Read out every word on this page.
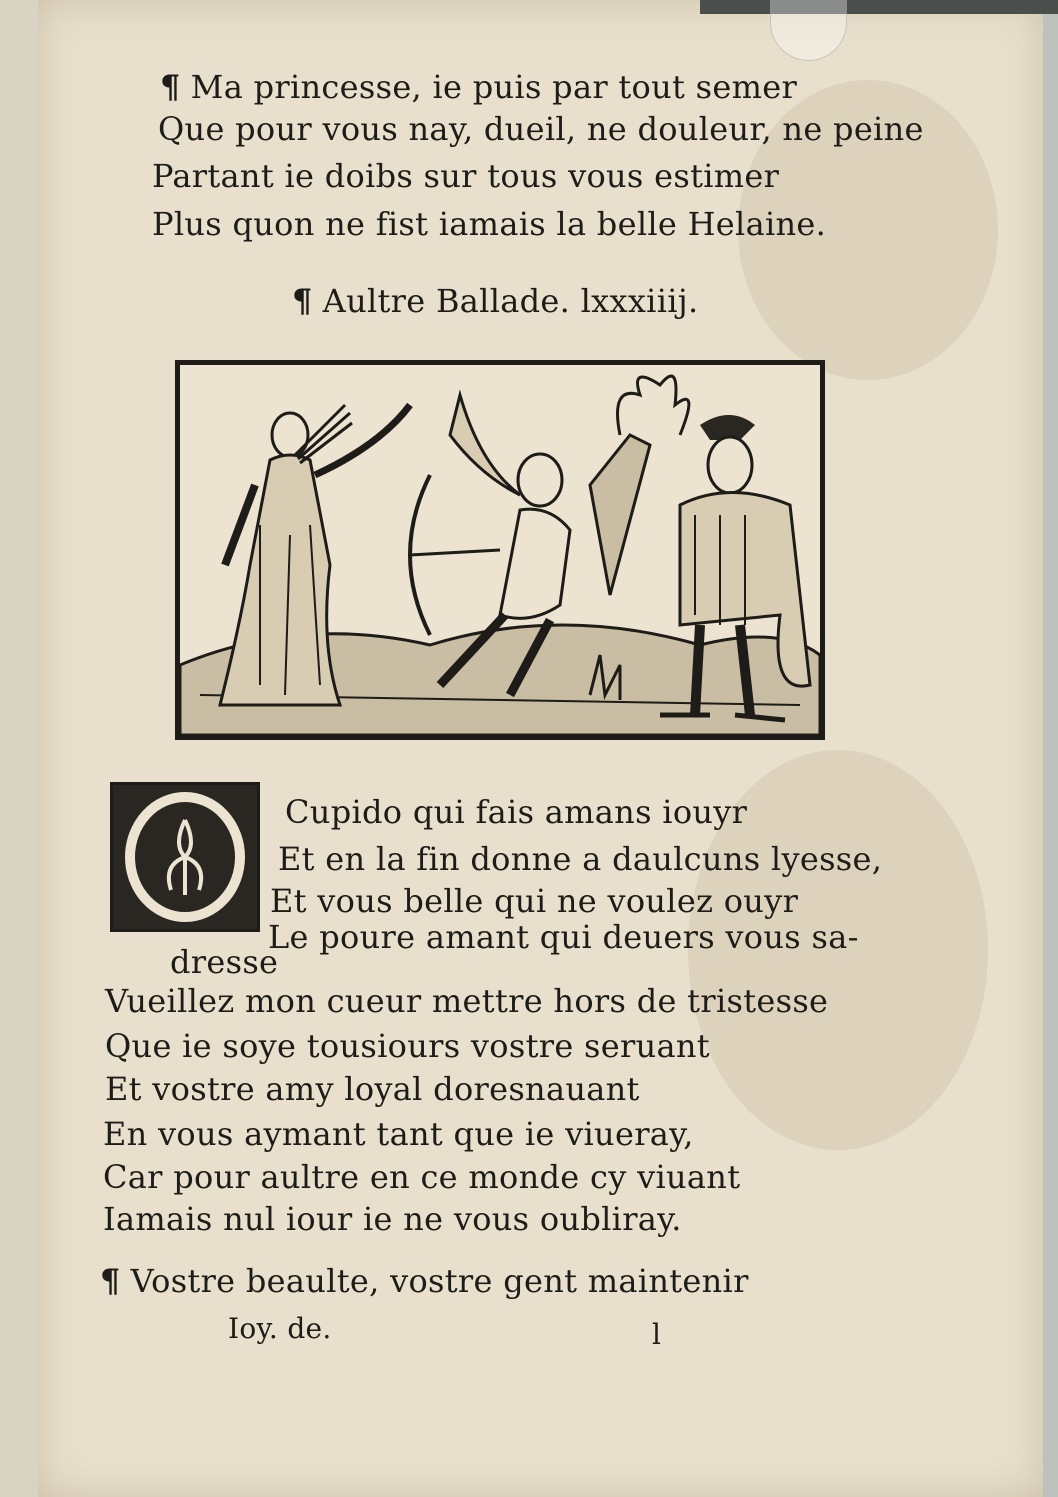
¶ Ma princesse, ie puis par tout semer
Que pour vous nay, dueil, ne douleur, ne peine
Partant ie doibs sur tous vous estimer
Plus quon ne fist iamais la belle Helaine.
¶ Aultre Ballade. lxxxiiij.
Cupido qui fais amans iouyr
Et en la fin donne a daulcuns lyesse,
Et vous belle qui ne voulez ouyr
Le poure amant qui deuers vous sa-
dresse
Vueillez mon cueur mettre hors de tristesse
Que ie soye tousiours vostre seruant
Et vostre amy loyal doresnauant
En vous aymant tant que ie viueray,
Car pour aultre en ce monde cy viuant
Iamais nul iour ie ne vous oubliray.
¶ Vostre beaulte, vostre gent maintenir
Ioy. de.	l
